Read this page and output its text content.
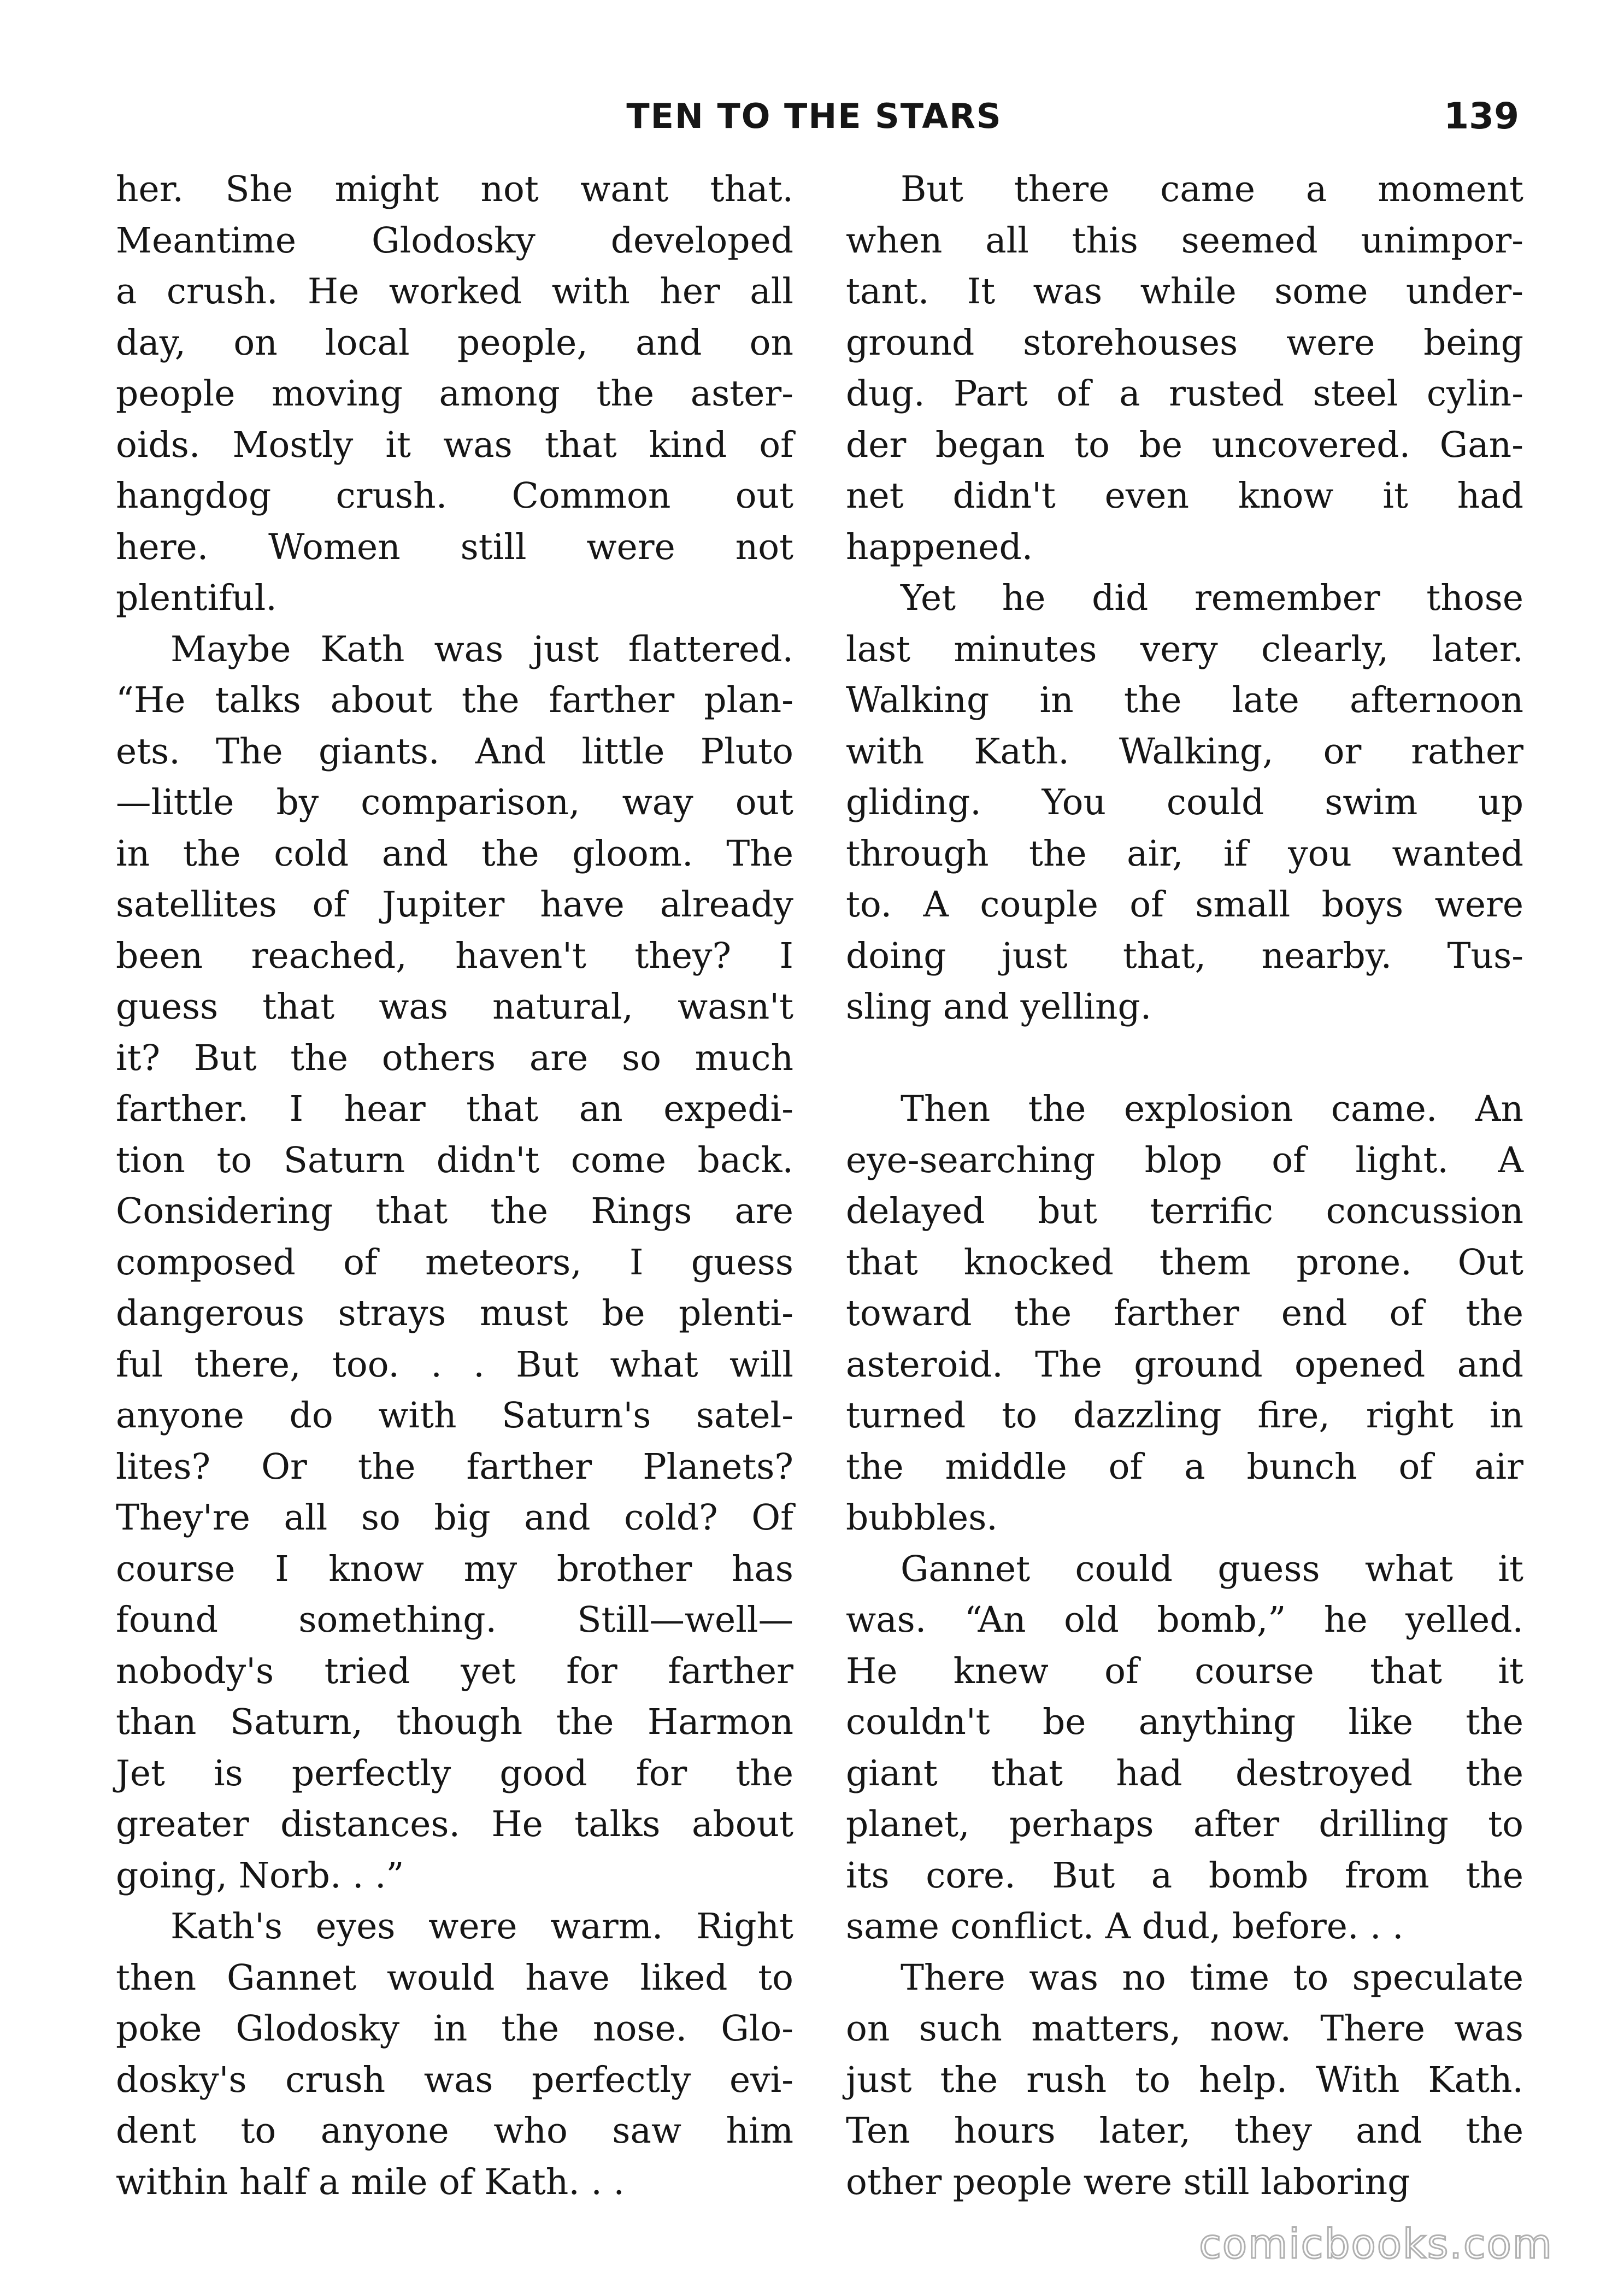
TEN TO THE STARS	139

her. She might not want that.
Meantime Glodosky developed
a crush. He worked with her all
day, on local people, and on
people moving among the aster-
oids. Mostly it was that kind of
hangdog crush. Common out
here. Women still were not
plentiful.

Maybe Kath was just flattered.
“He talks about the farther plan-
ets. The giants. And little Pluto
—little by comparison, way out
in the cold and the gloom. The
satellites of Jupiter have already
been reached, haven't they? I
guess that was natural, wasn't
it? But the others are so much
farther. I hear that an expedi-
tion to Saturn didn't come back.
Considering that the Rings are
composed of meteors, I guess
dangerous strays must be plenti-
ful there, too. . . But what will
anyone do with Saturn's satel-
lites? Or the farther Planets?
They're all so big and cold? Of
course I know my brother has
found something. Still—well—
nobody's tried yet for farther
than Saturn, though the Harmon
Jet is perfectly good for the
greater distances. He talks about
going, Norb. . .”

Kath's eyes were warm. Right
then Gannet would have liked to
poke Glodosky in the nose. Glo-
dosky's crush was perfectly evi-
dent to anyone who saw him
within half a mile of Kath. . .

But there came a moment
when all this seemed unimpor-
tant. It was while some under-
ground storehouses were being
dug. Part of a rusted steel cylin-
der began to be uncovered. Gan-
net didn't even know it had
happened.

Yet he did remember those
last minutes very clearly, later.
Walking in the late afternoon
with Kath. Walking, or rather
gliding. You could swim up
through the air, if you wanted
to. A couple of small boys were
doing just that, nearby. Tus-
sling and yelling.

Then the explosion came. An
eye-searching blop of light. A
delayed but terrific concussion
that knocked them prone. Out
toward the farther end of the
asteroid. The ground opened and
turned to dazzling fire, right in
the middle of a bunch of air
bubbles.

Gannet could guess what it
was. “An old bomb,” he yelled.
He knew of course that it
couldn't be anything like the
giant that had destroyed the
planet, perhaps after drilling to
its core. But a bomb from the
same conflict. A dud, before. . .

There was no time to speculate
on such matters, now. There was
just the rush to help. With Kath.
Ten hours later, they and the
other people were still laboring

comicbooks.com
